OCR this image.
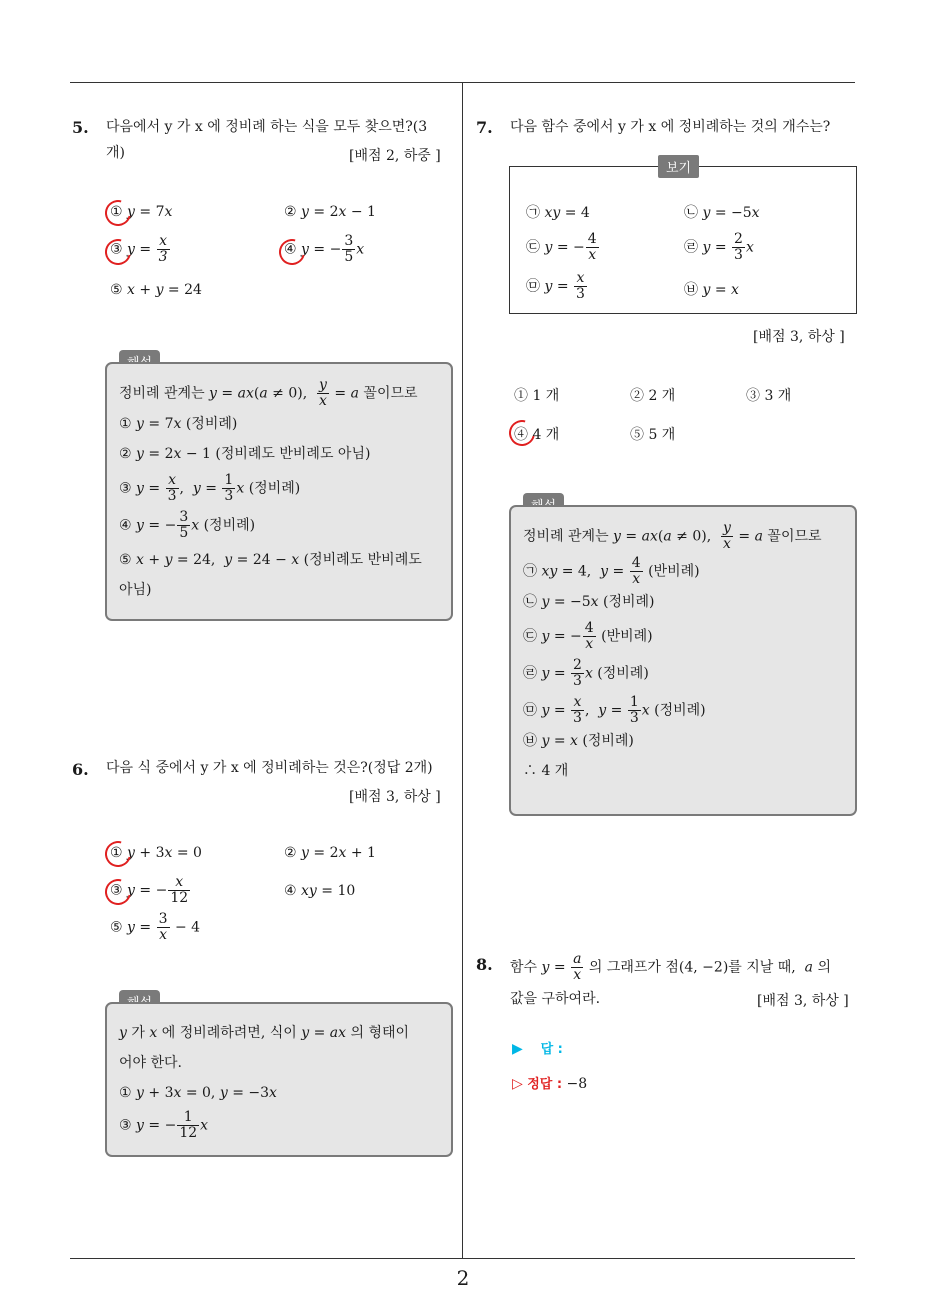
5. 다음에서 y 가 x 에 정비례 하는 식을 모두 찾으면?(3
개)	[배점 2, 하중 ]
① y = 7x	② y = 2x − 1
③ $y = \frac{x}{3}$	④ y = − $\frac{3}{5}$ x
⑤ x + y = 24
정비례 관계는 y = ax(a ≠ 0), $\frac{y}{x} = a$ 꼴이므로
① y = 7x (정비례)
② y = 2x − 1 (정비례도 반비례도 아님)
③ $y = \frac{x}{3}$ ,  $y = \frac{1}{3}$ x (정비례)
④ y = − $\frac{3}{5}$ x (정비례)
⑤ x + y = 24,  y = 24 − x (정비례도 반비례도
아님)
6. 다음 식 중에서 y 가 x 에 정비례하는 것은?(정답 2개)
[배점 3, 하상 ]
① y + 3x = 0	② y = 2x + 1
③ y = − $\frac{x}{12}$	④ xy = 10
⑤ $y = \frac{3}{x} - 4$
y 가 x 에 정비례하려면, 식이 y = ax 의 형태이
어야 한다.
① y + 3x = 0, y = −3x
③ y = − $\frac{1}{12}$ x
7. 다음 함수 중에서 y 가 x 에 정비례하는 것의 개수는?
보기
㉠ xy = 4	㉡ y = −5x
㉢ y = − $\frac{4}{x}$	㉣ $y = \frac{2}{3}$ x
㉤ $y = \frac{x}{3}$	㉥ y = x
[배점 3, 하상 ]
① 1 개	② 2 개	③ 3 개
④ 4 개	⑤ 5 개
정비례 관계는 y = ax(a ≠ 0), $\frac{y}{x} = a$ 꼴이므로
㉠ xy = 4,  $y = \frac{4}{x}$ (반비례)
㉡ y = −5x (정비례)
㉢ y = − $\frac{4}{x}$ (반비례)
㉣ $y = \frac{2}{3}$ x (정비례)
㉤ $y = \frac{x}{3}$ ,  $y = \frac{1}{3}$ x (정비례)
㉥ y = x (정비례)
∴ 4 개
8. 함수 $y = \frac{a}{x}$ 의 그래프가 점(4, −2)를 지날 때,  a 의
값을 구하여라.	[배점 3, 하상 ]
▶ 답 :
▷ 정답 : −8
2
